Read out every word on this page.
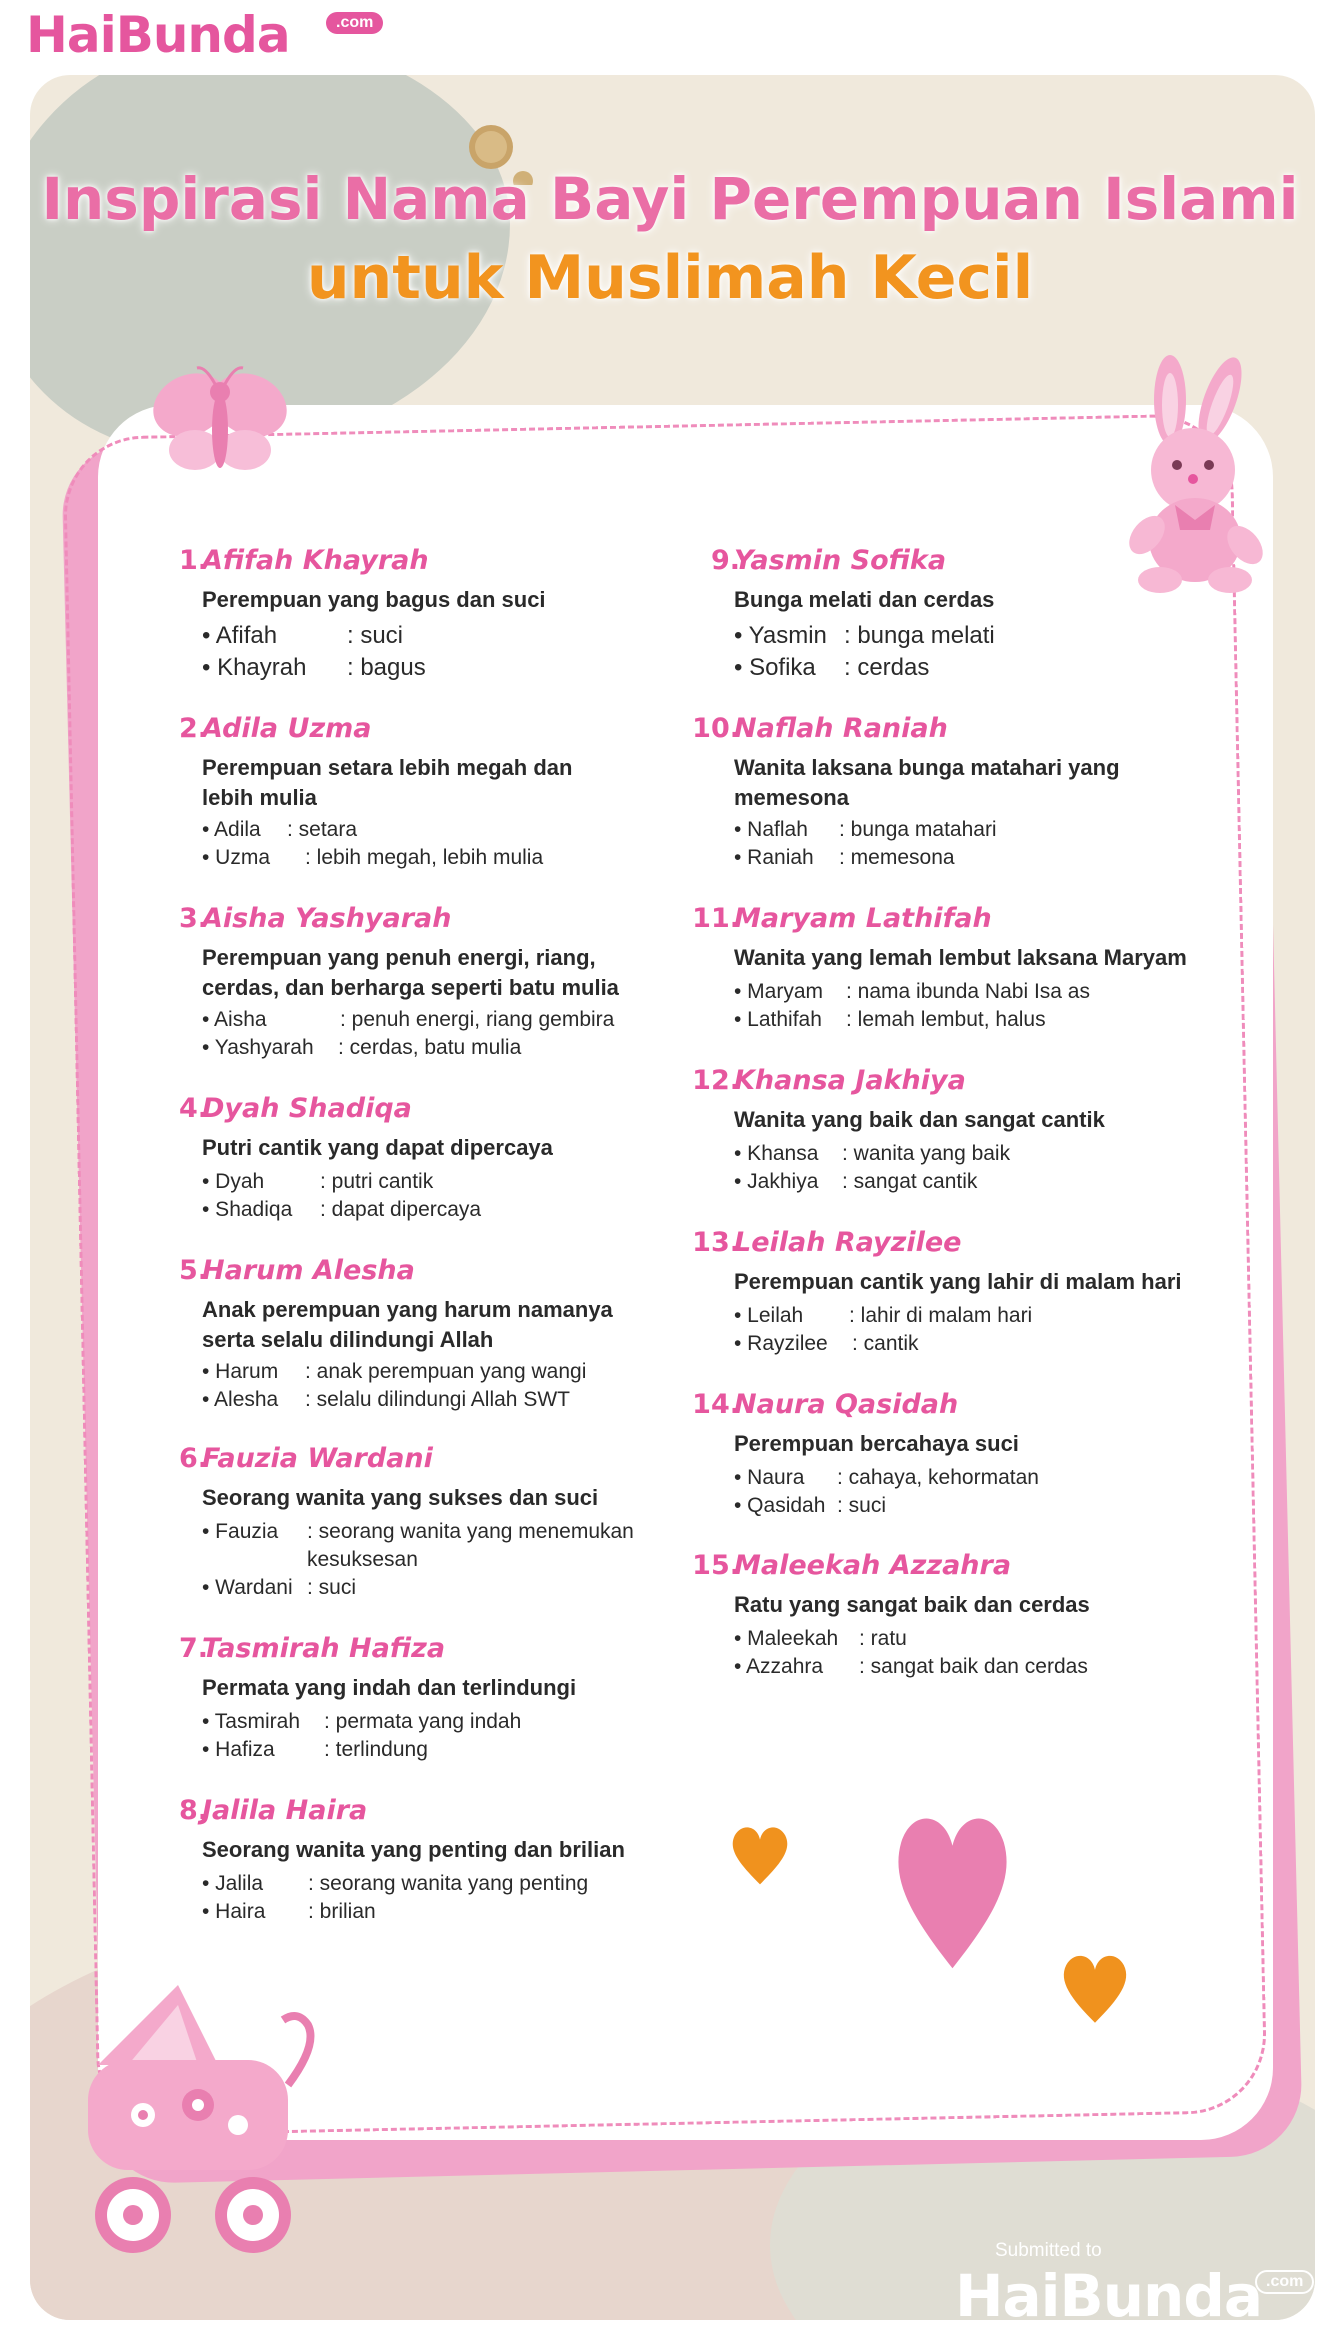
HaiBunda	.com
Inspirasi Nama Bayi Perempuan Islami
untuk Muslimah Kecil
1.
Afifah Khayrah
Perempuan yang bagus dan suci
• Afifah	: suci
• Khayrah : bagus
2.
Adila Uzma
Perempuan setara lebih megah dan lebih mulia
• Adila : setara
• Uzma : lebih megah, lebih mulia
3.
Aisha Yashyarah
Perempuan yang penuh energi, riang, cerdas, dan berharga seperti batu mulia
• Aisha	: penuh energi, riang gembira
• Yashyarah : cerdas, batu mulia
4.
Dyah Shadiqa
Putri cantik yang dapat dipercaya
• Dyah	: putri cantik
• Shadiqa : dapat dipercaya
5.
Harum Alesha
Anak perempuan yang harum namanya serta selalu dilindungi Allah
• Harum : anak perempuan yang wangi
• Alesha : selalu dilindungi Allah SWT
6.
Fauzia Wardani
Seorang wanita yang sukses dan suci
• Fauzia : seorang wanita yang menemukan kesuksesan
• Wardani : suci
7.
Tasmirah Hafiza
Permata yang indah dan terlindungi
• Tasmirah : permata yang indah
• Hafiza : terlindung
8.
Jalila Haira
Seorang wanita yang penting dan brilian
• Jalila : seorang wanita yang penting
• Haira : brilian
9.
Yasmin Sofika
Bunga melati dan cerdas
• Yasmin : bunga melati
• Sofika : cerdas
10.
Naflah Raniah
Wanita laksana bunga matahari yang memesona
• Naflah : bunga matahari
• Raniah : memesona
11.
Maryam Lathifah
Wanita yang lemah lembut laksana Maryam
• Maryam : nama ibunda Nabi Isa as
• Lathifah : lemah lembut, halus
12.
Khansa Jakhiya
Wanita yang baik dan sangat cantik
• Khansa : wanita yang baik
• Jakhiya : sangat cantik
13.
Leilah Rayzilee
Perempuan cantik yang lahir di malam hari
• Leilah : lahir di malam hari
• Rayzilee : cantik
14.
Naura Qasidah
Perempuan bercahaya suci
• Naura : cahaya, kehormatan
• Qasidah : suci
15.
Maleekah Azzahra
Ratu yang sangat baik dan cerdas
• Maleekah : ratu
• Azzahra : sangat baik dan cerdas
Submitted to
HaiBunda .com
